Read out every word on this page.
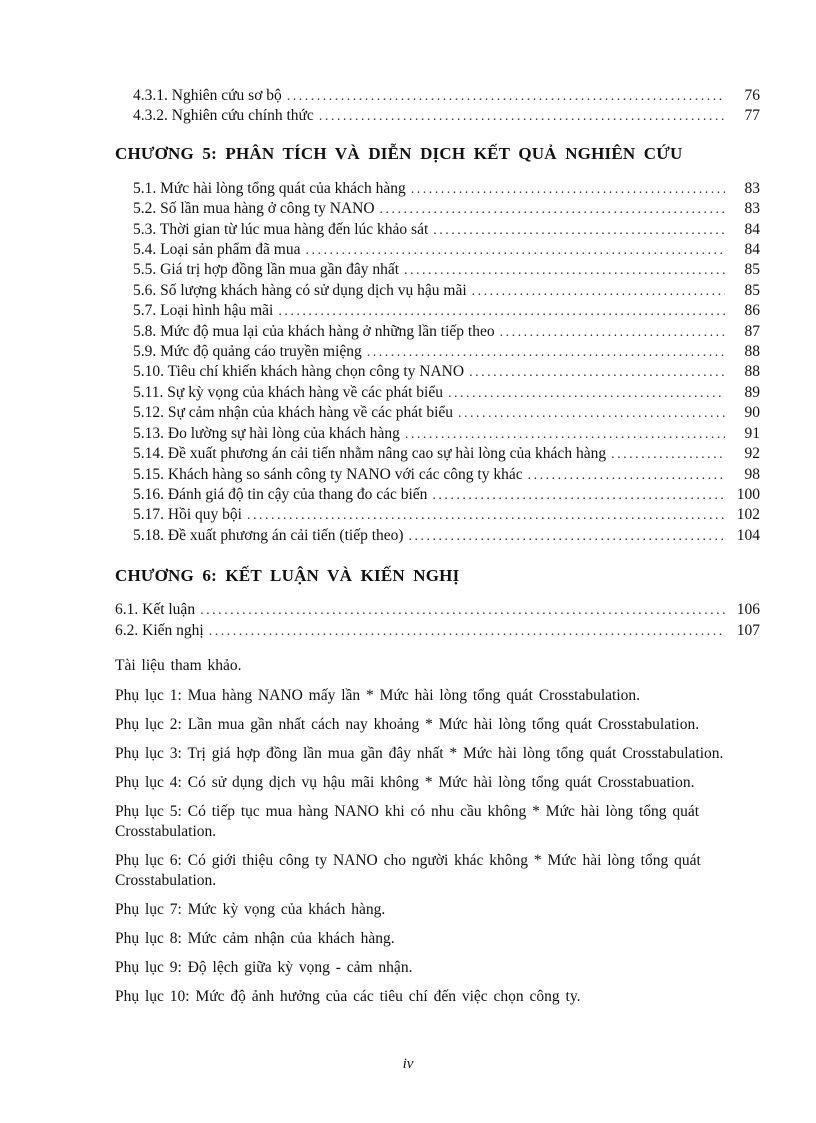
4.3.1. Nghiên cứu sơ bộ .....	76
4.3.2. Nghiên cứu chính thức .....	77
CHƯƠNG 5: PHÂN TÍCH VÀ DIỄN DỊCH KẾT QUẢ NGHIÊN CỨU
5.1. Mức hài lòng tổng quát của khách hàng .....	83
5.2. Số lần mua hàng ở công ty NANO .....	83
5.3. Thời gian từ lúc mua hàng đến lúc khảo sát .....	84
5.4. Loại sản phẩm đã mua .....	84
5.5. Giá trị hợp đồng lần mua gần đây nhất .....	85
5.6. Số lượng khách hàng có sử dụng dịch vụ hậu mãi .....	85
5.7. Loại hình hậu mãi .....	86
5.8. Mức độ mua lại của khách hàng ở những lần tiếp theo .....	87
5.9. Mức độ quảng cáo truyền miệng .....	88
5.10. Tiêu chí khiến khách hàng chọn công ty NANO .....	88
5.11. Sự kỳ vọng của khách hàng về các phát biểu .....	89
5.12. Sự cảm nhận của khách hàng về các phát biểu .....	90
5.13. Đo lường sự hài lòng của khách hàng .....	91
5.14. Đề xuất phương án cải tiến nhằm nâng cao sự hài lòng của khách hàng .....	92
5.15. Khách hàng so sánh công ty NANO với các công ty khác .....	98
5.16. Đánh giá độ tin cậy của thang đo các biến .....	100
5.17. Hồi quy bội .....	102
5.18. Đề xuất phương án cải tiến (tiếp theo) .....	104
CHƯƠNG 6: KẾT LUẬN VÀ KIẾN NGHỊ
6.1. Kết luận .....	106
6.2. Kiến nghị .....	107

Tài liệu tham khảo.

Phụ lục 1: Mua hàng NANO mấy lần * Mức hài lòng tổng quát Crosstabulation.

Phụ lục 2: Lần mua gần nhất cách nay khoảng * Mức hài lòng tổng quát Crosstabulation.

Phụ lục 3: Trị giá hợp đồng lần mua gần đây nhất * Mức hài lòng tổng quát Crosstabulation.

Phụ lục 4: Có sử dụng dịch vụ hậu mãi không * Mức hài lòng tổng quát Crosstabuation.

Phụ lục 5: Có tiếp tục mua hàng NANO khi có nhu cầu không * Mức hài lòng tổng quát Crosstabulation.

Phụ lục 6: Có giới thiệu công ty NANO cho người khác không * Mức hài lòng tổng quát Crosstabulation.

Phụ lục 7: Mức kỳ vọng của khách hàng.

Phụ lục 8: Mức cảm nhận của khách hàng.

Phụ lục 9: Độ lệch giữa kỳ vọng - cảm nhận.

Phụ lục 10: Mức độ ảnh hưởng của các tiêu chí đến việc chọn công ty.

iv
